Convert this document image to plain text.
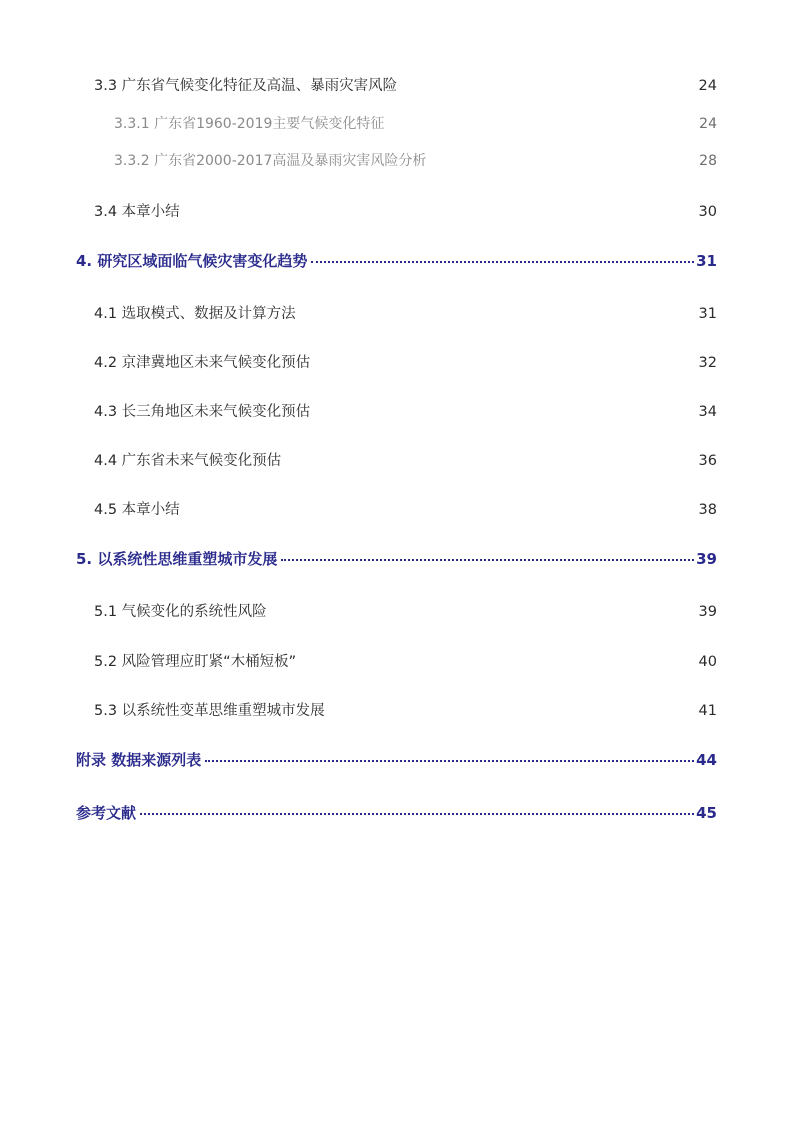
3.3 广东省气候变化特征及高温、暴雨灾害风险	24
3.3.1 广东省1960-2019主要气候变化特征	24
3.3.2 广东省2000-2017高温及暴雨灾害风险分析	28
3.4 本章小结	30
4. 研究区域面临气候灾害变化趋势	31
4.1 选取模式、数据及计算方法	31
4.2 京津冀地区未来气候变化预估	32
4.3 长三角地区未来气候变化预估	34
4.4 广东省未来气候变化预估	36
4.5 本章小结	38
5. 以系统性思维重塑城市发展	39
5.1 气候变化的系统性风险	39
5.2 风险管理应盯紧“木桶短板”	40
5.3 以系统性变革思维重塑城市发展	41
附录 数据来源列表	44
参考文献	45
